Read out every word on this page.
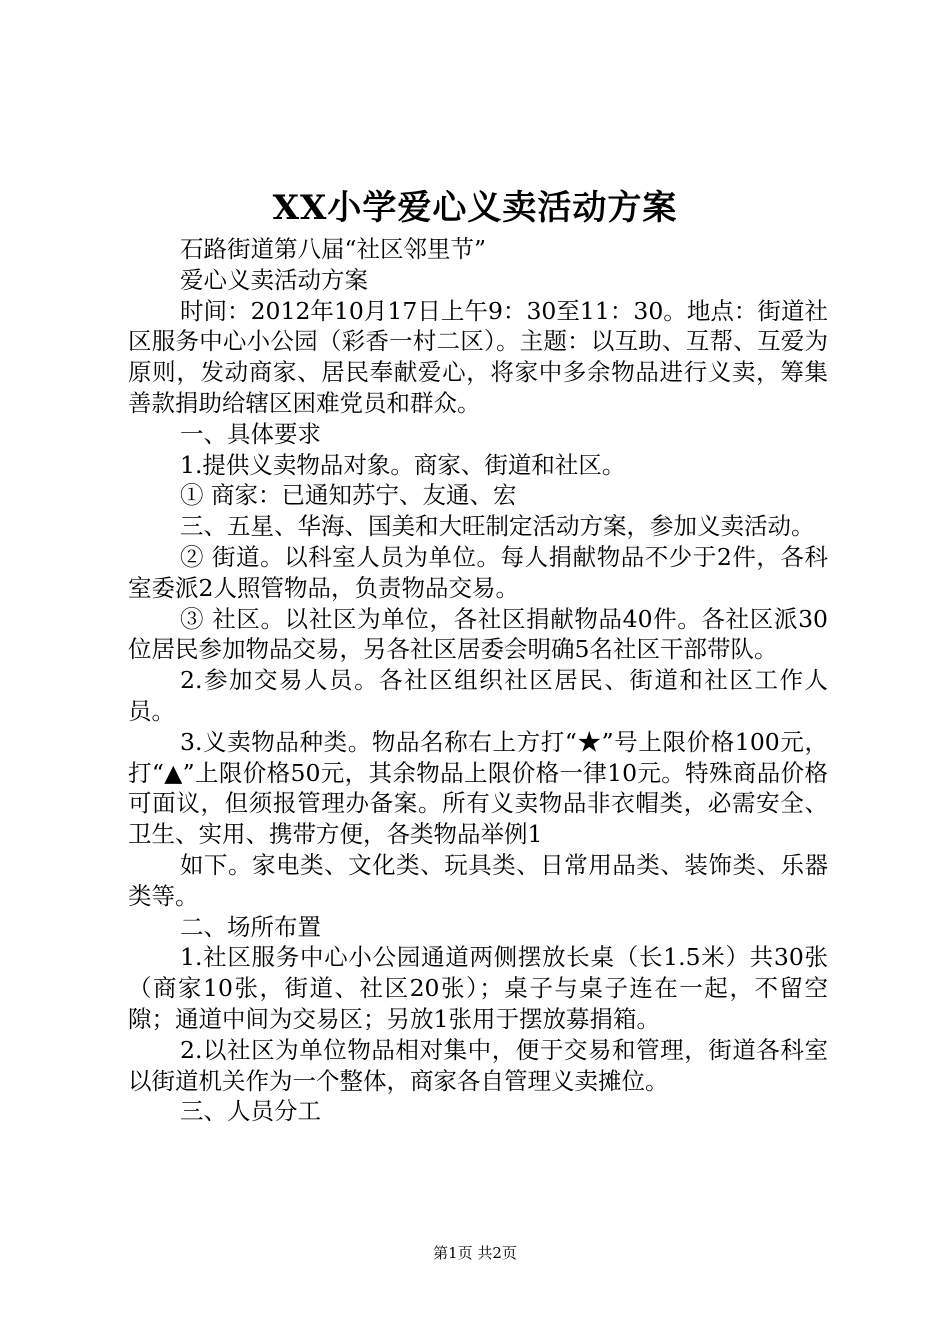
XX小学爱心义卖活动方案

石路街道第八届“社区邻里节”

爱心义卖活动方案

时间：2012年10月17日上午9：30至11：30。地点：街道社区服务中心小公园（彩香一村二区）。主题：以互助、互帮、互爱为原则，发动商家、居民奉献爱心，将家中多余物品进行义卖，筹集善款捐助给辖区困难党员和群众。

一、具体要求

1.提供义卖物品对象。商家、街道和社区。

① 商家：已通知苏宁、友通、宏

三、五星、华海、国美和大旺制定活动方案，参加义卖活动。

② 街道。以科室人员为单位。每人捐献物品不少于2件，各科室委派2人照管物品，负责物品交易。

③ 社区。以社区为单位，各社区捐献物品40件。各社区派30位居民参加物品交易，另各社区居委会明确5名社区干部带队。

2.参加交易人员。各社区组织社区居民、街道和社区工作人员。

3.义卖物品种类。物品名称右上方打“★”号上限价格100元，打“▲”上限价格50元，其余物品上限价格一律10元。特殊商品价格可面议，但须报管理办备案。所有义卖物品非衣帽类，必需安全、卫生、实用、携带方便，各类物品举例1

如下。家电类、文化类、玩具类、日常用品类、装饰类、乐器类等。

二、场所布置

1.社区服务中心小公园通道两侧摆放长桌（长1.5米）共30张（商家10张，街道、社区20张）；桌子与桌子连在一起，不留空隙；通道中间为交易区；另放1张用于摆放募捐箱。

2.以社区为单位物品相对集中，便于交易和管理，街道各科室以街道机关作为一个整体，商家各自管理义卖摊位。

三、人员分工

第1页 共2页
